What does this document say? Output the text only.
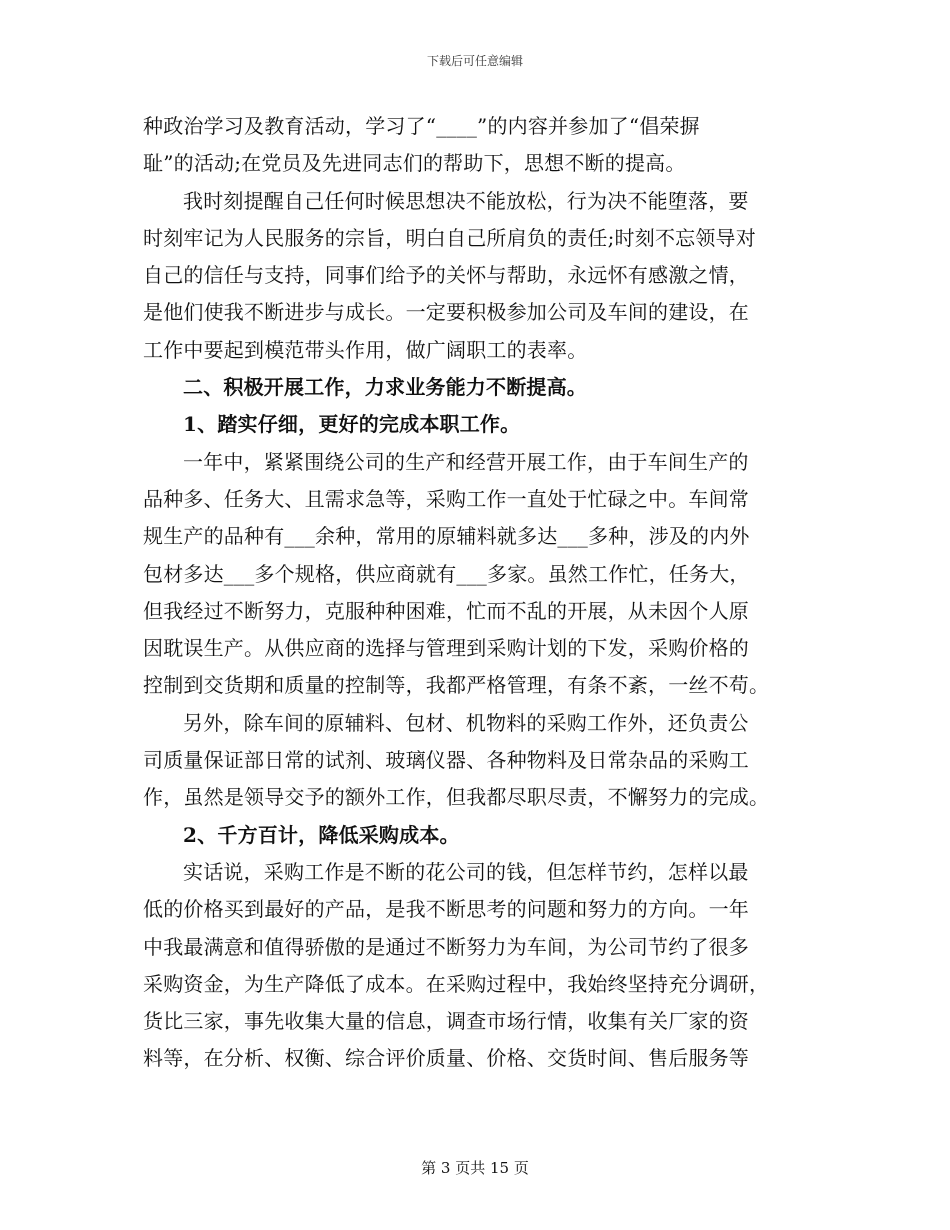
下载后可任意编辑
种政治学习及教育活动，学习了“____”的内容并参加了“倡荣摒
耻”的活动;在党员及先进同志们的帮助下，思想不断的提高。
我时刻提醒自己任何时候思想决不能放松，行为决不能堕落，要
时刻牢记为人民服务的宗旨，明白自己所肩负的责任;时刻不忘领导对
自己的信任与支持，同事们给予的关怀与帮助，永远怀有感激之情，
是他们使我不断进步与成长。一定要积极参加公司及车间的建设，在
工作中要起到模范带头作用，做广阔职工的表率。
二、积极开展工作，力求业务能力不断提高。
1、踏实仔细，更好的完成本职工作。
一年中，紧紧围绕公司的生产和经营开展工作，由于车间生产的
品种多、任务大、且需求急等，采购工作一直处于忙碌之中。车间常
规生产的品种有___余种，常用的原辅料就多达___多种，涉及的内外
包材多达___多个规格，供应商就有___多家。虽然工作忙，任务大，
但我经过不断努力，克服种种困难，忙而不乱的开展，从未因个人原
因耽误生产。从供应商的选择与管理到采购计划的下发，采购价格的
控制到交货期和质量的控制等，我都严格管理，有条不紊，一丝不苟。
另外，除车间的原辅料、包材、机物料的采购工作外，还负责公
司质量保证部日常的试剂、玻璃仪器、各种物料及日常杂品的采购工
作，虽然是领导交予的额外工作，但我都尽职尽责，不懈努力的完成。
2、千方百计，降低采购成本。
实话说，采购工作是不断的花公司的钱，但怎样节约，怎样以最
低的价格买到最好的产品，是我不断思考的问题和努力的方向。一年
中我最满意和值得骄傲的是通过不断努力为车间，为公司节约了很多
采购资金，为生产降低了成本。在采购过程中，我始终坚持充分调研，
货比三家，事先收集大量的信息，调查市场行情，收集有关厂家的资
料等，在分析、权衡、综合评价质量、价格、交货时间、售后服务等
第 3 页共 15 页
